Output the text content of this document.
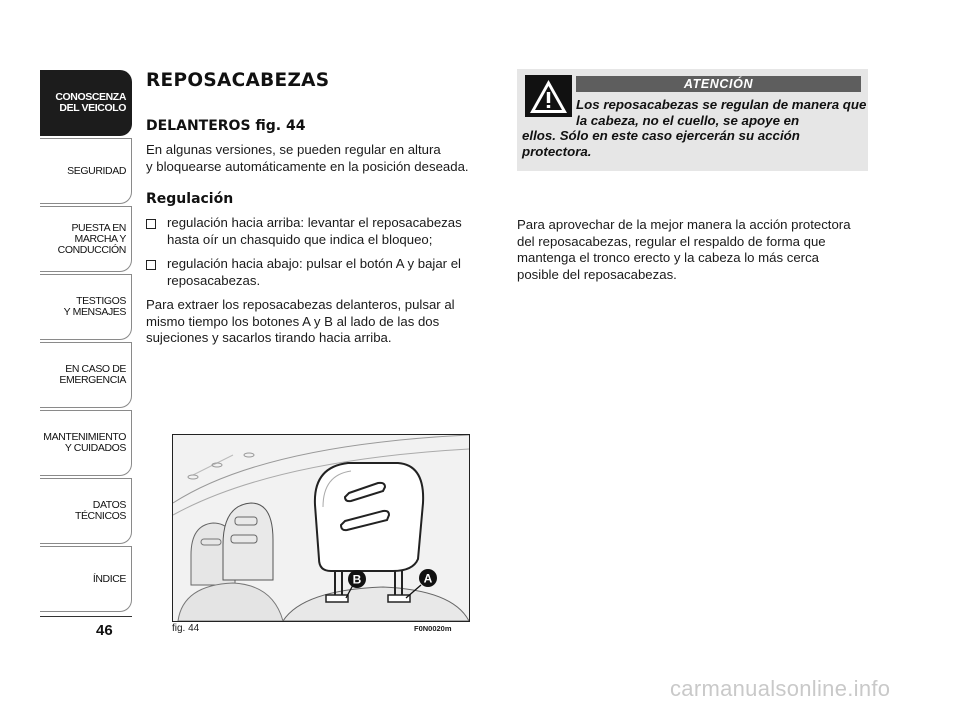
CONOSCENZA
DEL VEICOLO
SEGURIDAD
PUESTA EN
MARCHA Y
CONDUCCIÓN
TESTIGOS
Y MENSAJES
EN CASO DE
EMERGENCIA
MANTENIMIENTO
Y CUIDADOS
DATOS
TÉCNICOS
ÍNDICE
46
REPOSACABEZAS
DELANTEROS fig. 44
En algunas versiones, se pueden regular en altura
y bloquearse automáticamente en la posición deseada.
Regulación
regulación hacia arriba: levantar el reposacabezas hasta oír un chasquido que indica el bloqueo;
regulación hacia abajo: pulsar el botón A y bajar el reposacabezas.
Para extraer los reposacabezas delanteros, pulsar al mismo tiempo los botones A y B al lado de las dos sujeciones y sacarlos tirando hacia arriba.
ATENCIÓN
Los reposacabezas se regulan de manera que la cabeza, no el cuello, se apoye en
ellos. Sólo en este caso ejercerán su acción protectora.
Para aprovechar de la mejor manera la acción protectora del reposacabezas, regular el respaldo de forma que mantenga el tronco erecto y la cabeza lo más cerca posible del reposacabezas.
B	A
fig. 44	F0N0020m
carmanualsonline.info
